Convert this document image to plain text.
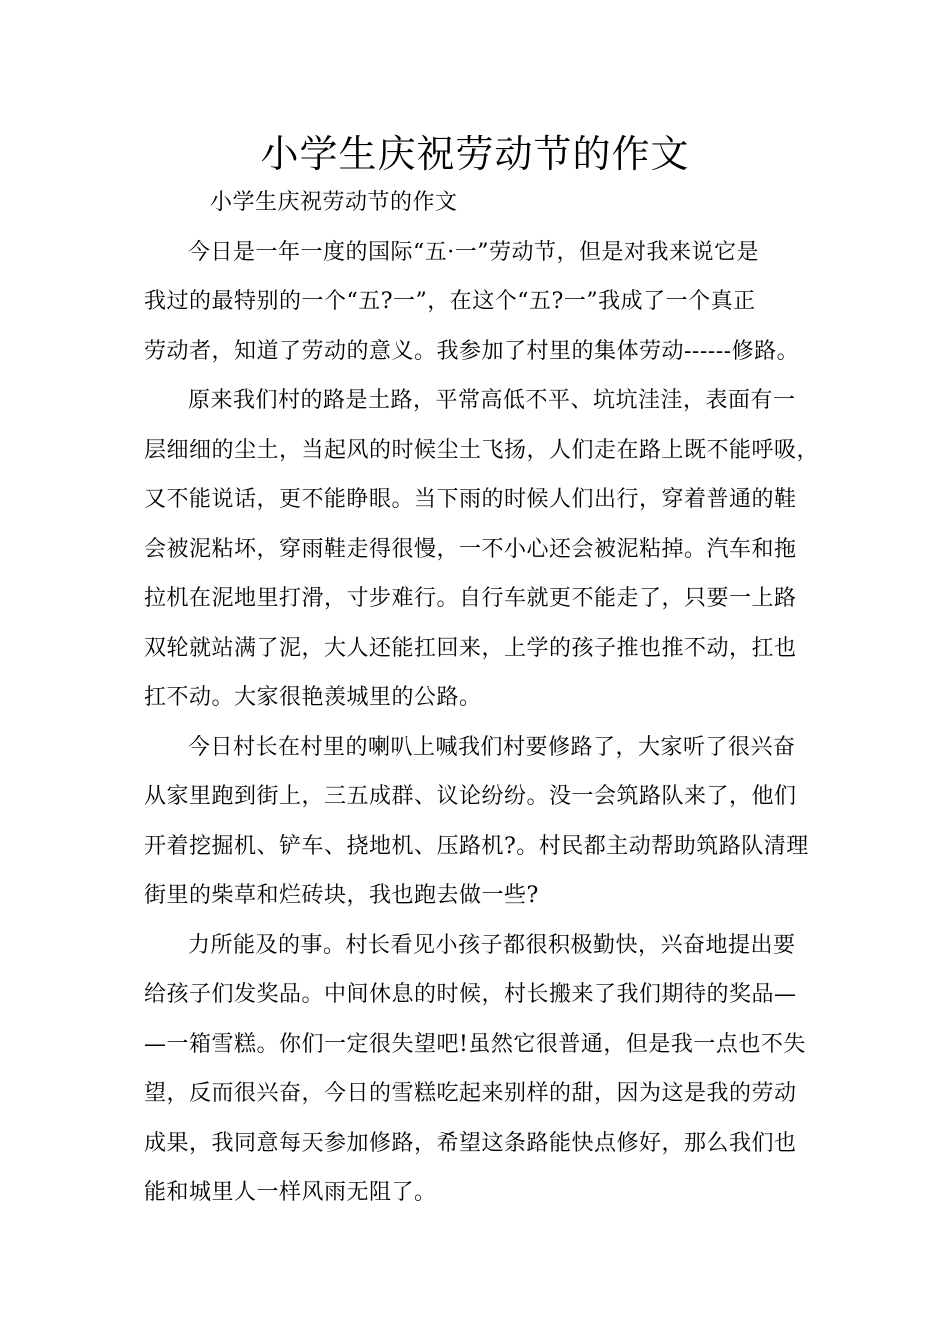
小学生庆祝劳动节的作文
小学生庆祝劳动节的作文
今日是一年一度的国际“五·一”劳动节，但是对我来说它是
我过的最特别的一个“五?一”，在这个“五?一”我成了一个真正
劳动者，知道了劳动的意义。我参加了村里的集体劳动------修路。
原来我们村的路是土路，平常高低不平、坑坑洼洼，表面有一
层细细的尘土，当起风的时候尘土飞扬，人们走在路上既不能呼吸，
又不能说话，更不能睁眼。当下雨的时候人们出行，穿着普通的鞋
会被泥粘坏，穿雨鞋走得很慢，一不小心还会被泥粘掉。汽车和拖
拉机在泥地里打滑，寸步难行。自行车就更不能走了，只要一上路
双轮就站满了泥，大人还能扛回来，上学的孩子推也推不动，扛也
扛不动。大家很艳羡城里的公路。
今日村长在村里的喇叭上喊我们村要修路了，大家听了很兴奋
从家里跑到街上，三五成群、议论纷纷。没一会筑路队来了，他们
开着挖掘机、铲车、挠地机、压路机?。村民都主动帮助筑路队清理
街里的柴草和烂砖块，我也跑去做一些?
力所能及的事。村长看见小孩子都很积极勤快，兴奋地提出要
给孩子们发奖品。中间休息的时候，村长搬来了我们期待的奖品—
—一箱雪糕。你们一定很失望吧!虽然它很普通，但是我一点也不失
望，反而很兴奋，今日的雪糕吃起来别样的甜，因为这是我的劳动
成果，我同意每天参加修路，希望这条路能快点修好，那么我们也
能和城里人一样风雨无阻了。
